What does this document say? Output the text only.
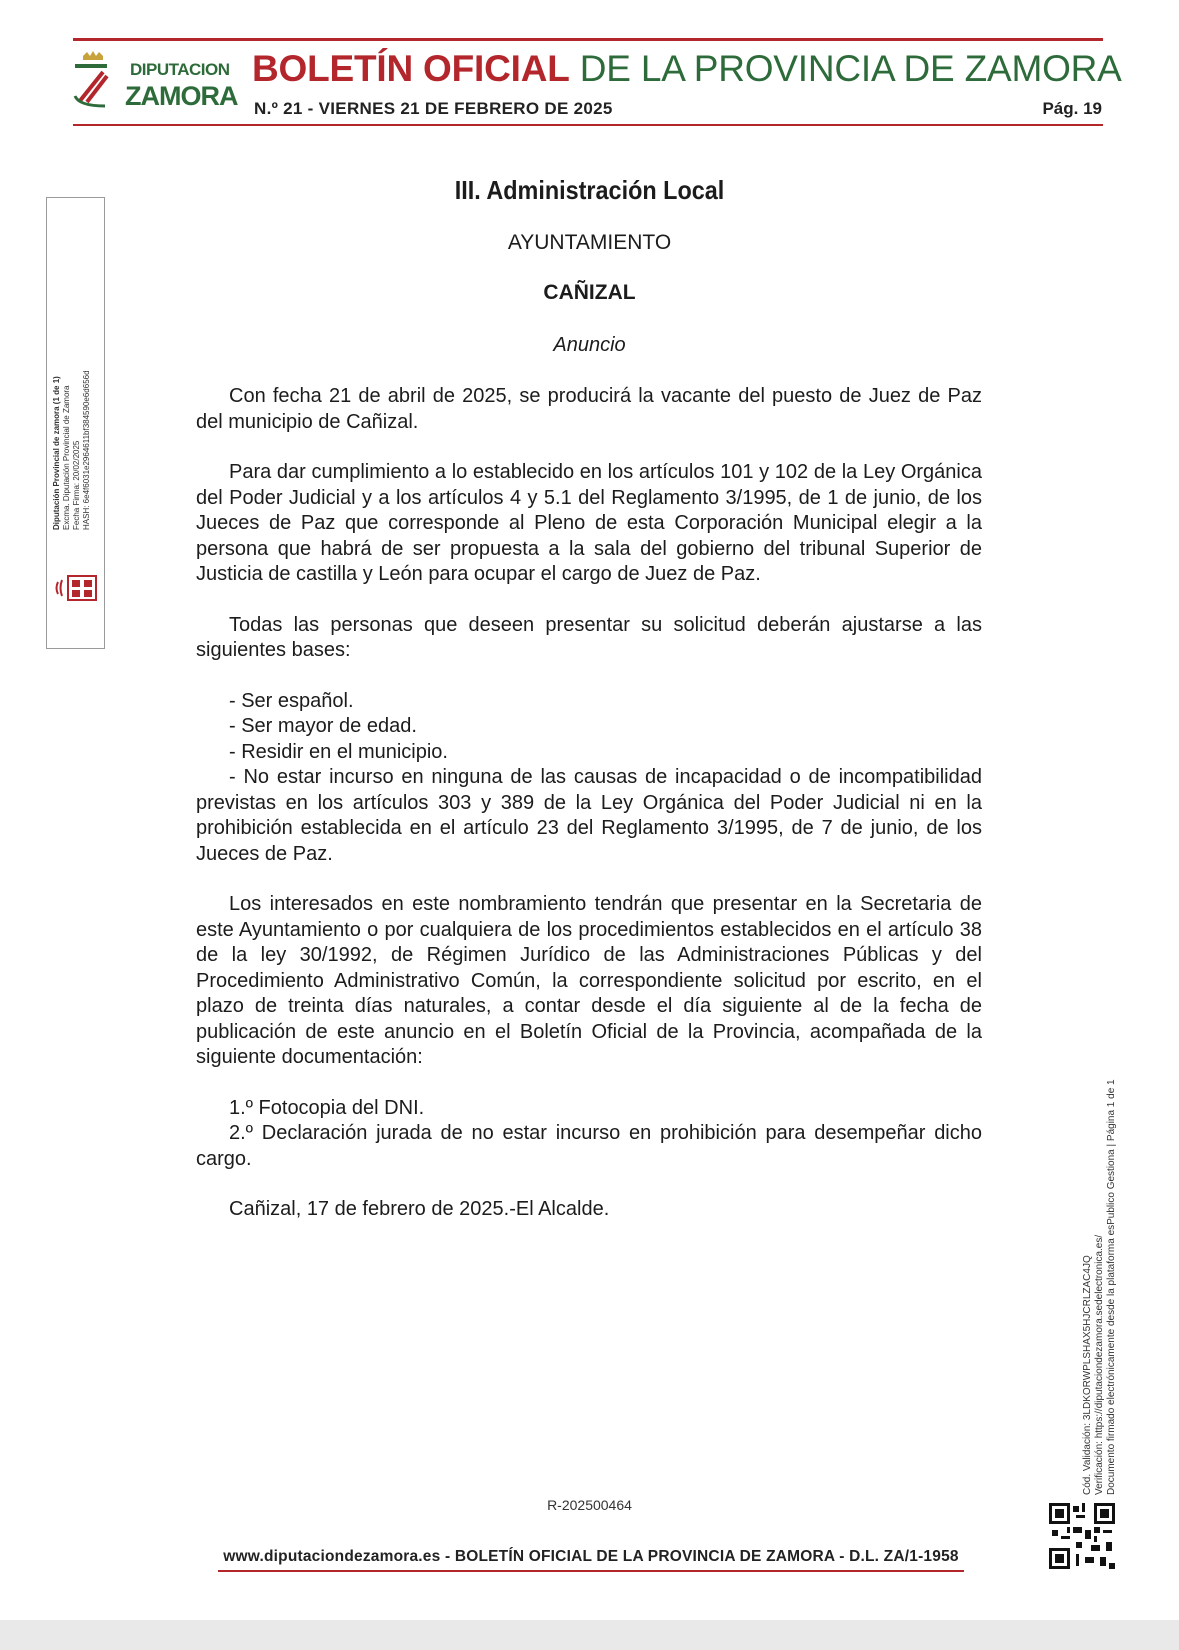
DIPUTACION
ZAMORA
BOLETÍN OFICIAL DE LA PROVINCIA DE ZAMORA
N.º 21 - VIERNES 21 DE FEBRERO DE 2025	Pág. 19
Diputación Provincial de zamora (1 de 1) Excma. Diputación Provincial de Zamora Fecha Firma: 20/02/2025 HASH: 6e4f6031e2964611bf384590e6d656d
Cód. Validación: 3LDKORWPLSHAX5HJCRLZAC4JQ Verificación: https://diputaciondezamora.sedelectronica.es/ Documento firmado electrónicamente desde la plataforma esPublico Gestiona | Página 1 de 1
III. Administración Local
AYUNTAMIENTO
CAÑIZAL
Anuncio

Con fecha 21 de abril de 2025, se producirá la vacante del puesto de Juez de Paz del municipio de Cañizal.

Para dar cumplimiento a lo establecido en los artículos 101 y 102 de la Ley Orgánica del Poder Judicial y a los artículos 4 y 5.1 del Reglamento 3/1995, de 1 de junio, de los Jueces de Paz que corresponde al Pleno de esta Corporación Municipal elegir a la persona que habrá de ser propuesta a la sala del gobierno del tribunal Superior de Justicia de castilla y León para ocupar el cargo de Juez de Paz.

Todas las personas que deseen presentar su solicitud deberán ajustarse a las siguientes bases:

- Ser español.
- Ser mayor de edad.
- Residir en el municipio.
- No estar incurso en ninguna de las causas de incapacidad o de incompatibilidad previstas en los artículos 303 y 389 de la Ley Orgánica del Poder Judicial ni en la prohibición establecida en el artículo 23 del Reglamento 3/1995, de 7 de junio, de los Jueces de Paz.

Los interesados en este nombramiento tendrán que presentar en la Secretaria de este Ayuntamiento o por cualquiera de los procedimientos establecidos en el artículo 38 de la ley 30/1992, de Régimen Jurídico de las Administraciones Públicas y del Procedimiento Administrativo Común, la correspondiente solicitud por escrito, en el plazo de treinta días naturales, a contar desde el día siguiente al de la fecha de publicación de este anuncio en el Boletín Oficial de la Provincia, acompañada de la siguiente documentación:

1.º Fotocopia del DNI.
2.º Declaración jurada de no estar incurso en prohibición para desempeñar dicho cargo.

Cañizal, 17 de febrero de 2025.-El Alcalde.

R-202500464
www.diputaciondezamora.es - BOLETÍN OFICIAL DE LA PROVINCIA DE ZAMORA - D.L. ZA/1-1958
